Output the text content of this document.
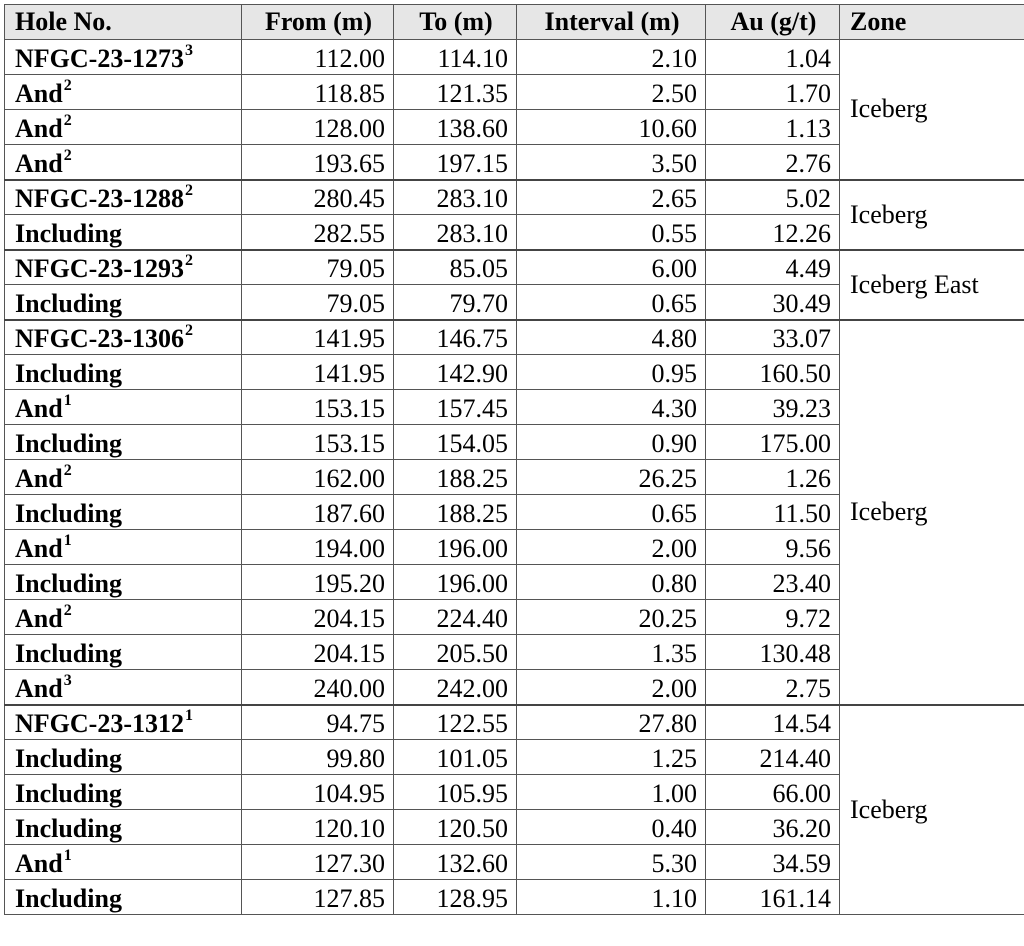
Hole No.	From (m)	To (m)	Interval (m)	Au (g/t)	Zone
NFGC-23-1273$^3$	112.00	114.10	2.10	1.04	Iceberg
And$^2$	118.85	121.35	2.50	1.70	
And$^2$	128.00	138.60	10.60	1.13	
And$^2$	193.65	197.15	3.50	2.76	
NFGC-23-1288$^2$	280.45	283.10	2.65	5.02	Iceberg
Including	282.55	283.10	0.55	12.26	
NFGC-23-1293$^2$	79.05	85.05	6.00	4.49	Iceberg East
Including	79.05	79.70	0.65	30.49	
NFGC-23-1306$^2$	141.95	146.75	4.80	33.07	Iceberg
Including	141.95	142.90	0.95	160.50	
And$^1$	153.15	157.45	4.30	39.23	
Including	153.15	154.05	0.90	175.00	
And$^2$	162.00	188.25	26.25	1.26	
Including	187.60	188.25	0.65	11.50	
And$^1$	194.00	196.00	2.00	9.56	
Including	195.20	196.00	0.80	23.40	
And$^2$	204.15	224.40	20.25	9.72	
Including	204.15	205.50	1.35	130.48	
And$^3$	240.00	242.00	2.00	2.75	
NFGC-23-1312$^1$	94.75	122.55	27.80	14.54	Iceberg
Including	99.80	101.05	1.25	214.40	
Including	104.95	105.95	1.00	66.00	
Including	120.10	120.50	0.40	36.20	
And$^1$	127.30	132.60	5.30	34.59	
Including	127.85	128.95	1.10	161.14	
